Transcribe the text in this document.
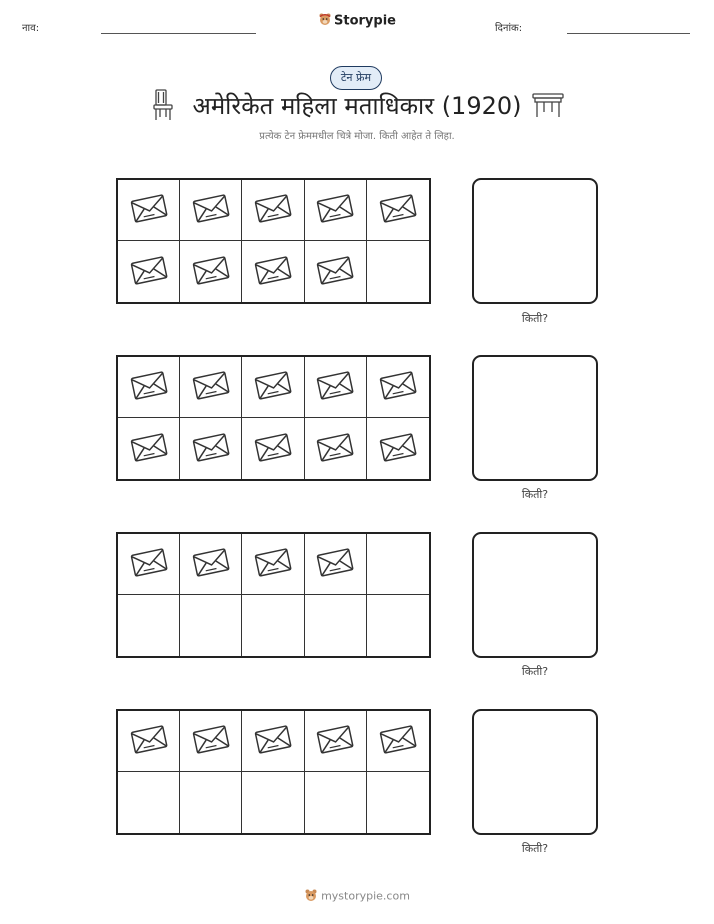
नाव:	Storypie	दिनांक:
टेन फ्रेम
अमेरिकेत महिला मताधिकार (1920)
प्रत्येक टेन फ्रेममधील चित्रे मोजा. किती आहेत ते लिहा.
किती?
किती?
किती?
किती?
mystorypie.com
